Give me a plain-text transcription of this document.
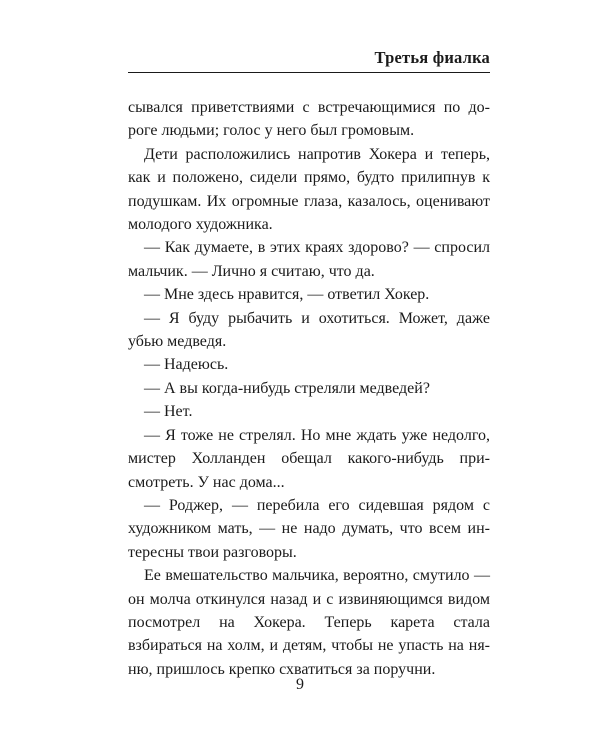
Третья фиалка

сывался приветствиями с встречающимися по дороге людьми; голос у него был громовым.

Дети расположились напротив Хокера и теперь, как и положено, сидели прямо, будто прилипнув к подушкам. Их огромные глаза, казалось, оценивают молодого художника.

— Как думаете, в этих краях здорово? — спросил мальчик. — Лично я считаю, что да.

— Мне здесь нравится, — ответил Хокер.

— Я буду рыбачить и охотиться. Может, даже убью медведя.

— Надеюсь.

— А вы когда-нибудь стреляли медведей?

— Нет.

— Я тоже не стрелял. Но мне ждать уже недолго, мистер Холланден обещал какого-нибудь присмотреть. У нас дома...

— Роджер, — перебила его сидевшая рядом с художником мать, — не надо думать, что всем интересны твои разговоры.

Ее вмешательство мальчика, вероятно, смутило — он молча откинулся назад и с извиняющимся видом посмотрел на Хокера. Теперь карета стала взбираться на холм, и детям, чтобы не упасть на няню, пришлось крепко схватиться за поручни.

9
